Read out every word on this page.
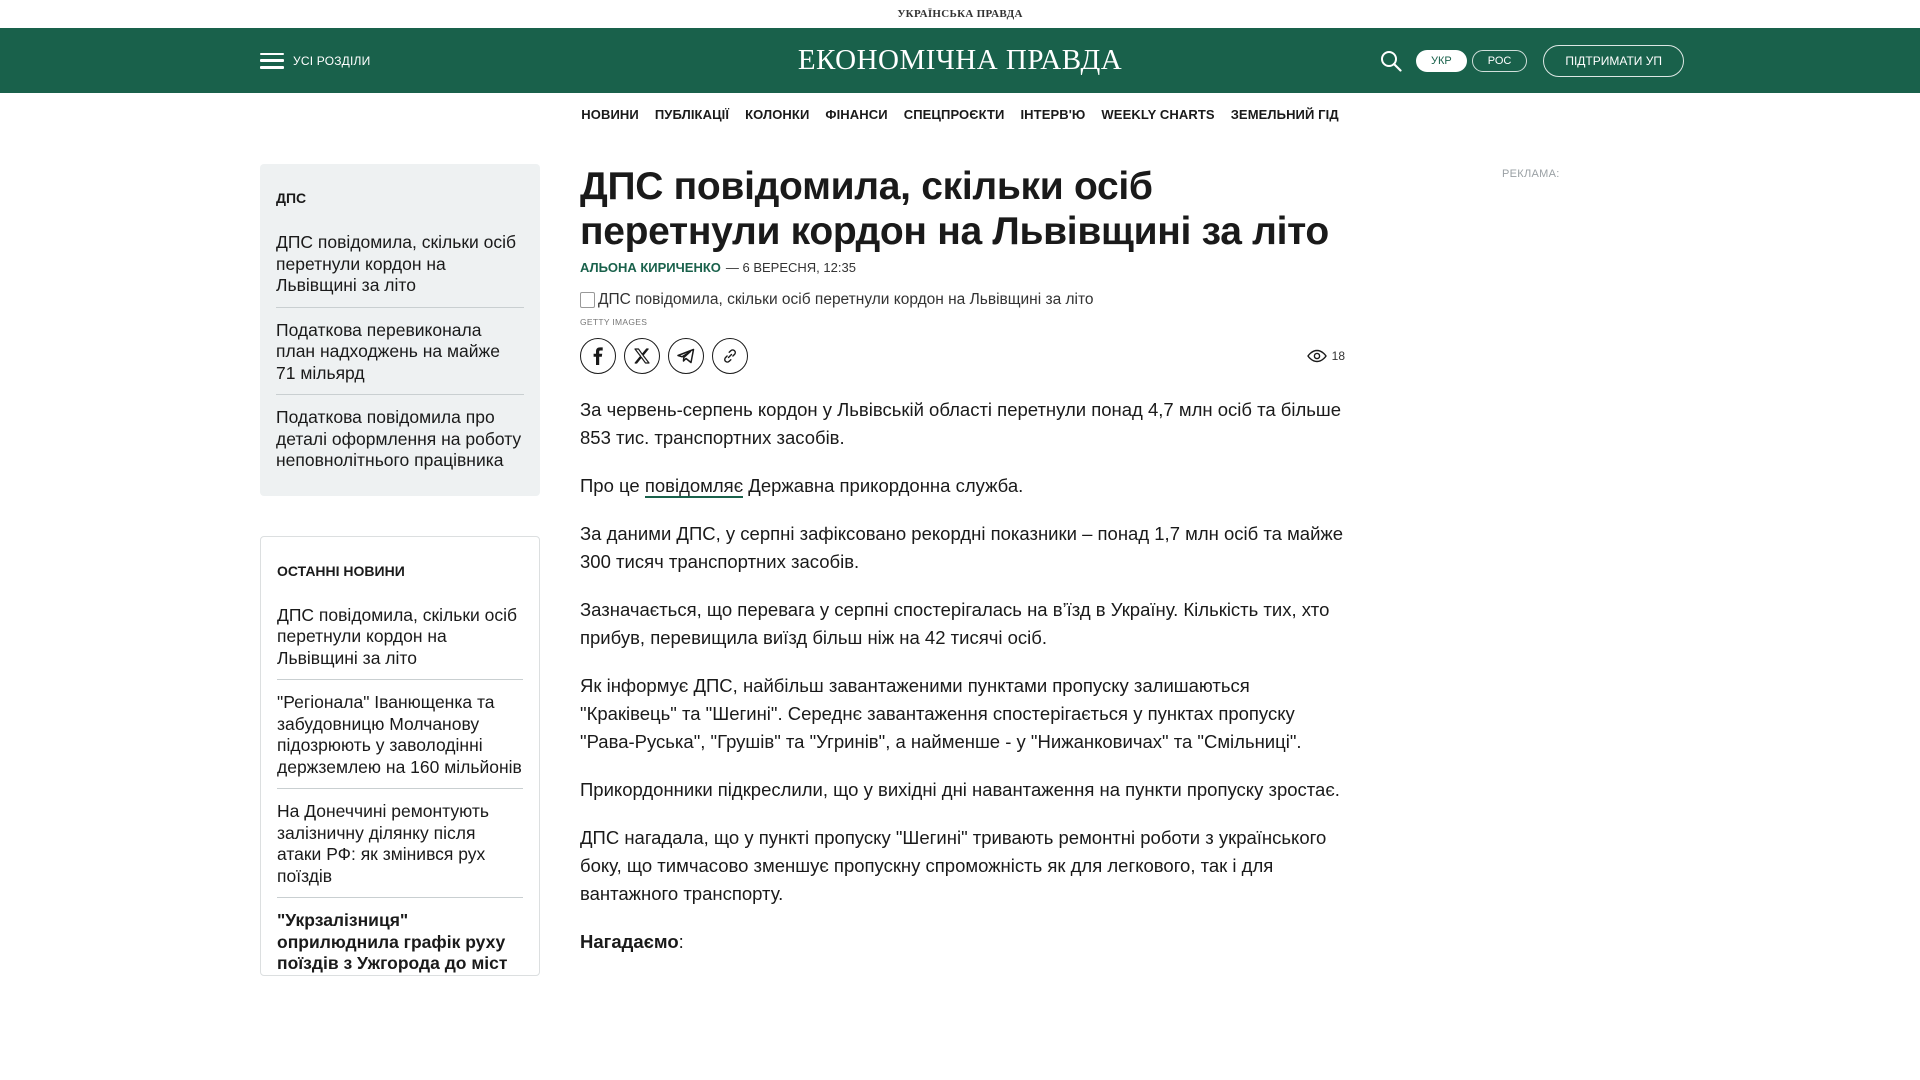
УКРАЇНСЬКА ПРАВДА
УСІ РОЗДІЛИ	ЕКОНОМІЧНА ПРАВДА	УКР	РОС	ПІДТРИМАТИ УП
НОВИНИ ПУБЛІКАЦІЇ КОЛОНКИ ФІНАНСИ СПЕЦПРОЄКТИ ІНТЕРВ'Ю WEEKLY CHARTS ЗЕМЕЛЬНИЙ ГІД
ДПС
ДПС повідомила, скільки осіб перетнули кордон на Львівщині за літо
Податкова перевиконала план надходжень на майже 71 мільярд
Податкова повідомила про деталі оформлення на роботу неповнолітнього працівника
ОСТАННІ НОВИНИ
ДПС повідомила, скільки осіб перетнули кордон на Львівщині за літо
"Регіонала" Іванющенка та забудовницю Молчанову підозрюють у заволодінні держземлею на 160 мільйонів
На Донеччині ремонтують залізничну ділянку після атаки РФ: як змінився рух поїздів
"Укрзалізниця" оприлюднила графік руху поїздів з Ужгорода до міст
ДПС повідомила, скільки осіб перетнули кордон на Львівщині за літо
АЛЬОНА КИРИЧЕНКО — 6 ВЕРЕСНЯ, 12:35
ДПС повідомила, скільки осіб перетнули кордон на Львівщині за літо
GETTY IMAGES
18

За червень-серпень кордон у Львівській області перетнули понад 4,7 млн осіб та більше 853 тис. транспортних засобів.

Про це повідомляє Державна прикордонна служба.

За даними ДПС, у серпні зафіксовано рекордні показники – понад 1,7 млн осіб та майже 300 тисяч транспортних засобів.

Зазначається, що перевага у серпні спостерігалась на в’їзд в Україну. Кількість тих, хто прибув, перевищила виїзд більш ніж на 42 тисячі осіб.

Як інформує ДПС, найбільш завантаженими пунктами пропуску залишаються "Краківець" та "Шегині". Середнє завантаження спостерігається у пунктах пропуску "Рава-Руська", "Грушів" та "Угринів", а найменше - у "Нижанковичах" та "Смільниці".

Прикордонники підкреслили, що у вихідні дні навантаження на пункти пропуску зростає.

ДПС нагадала, що у пункті пропуску "Шегині" тривають ремонтні роботи з українського боку, що тимчасово зменшує пропускну спроможність як для легкового, так і для вантажного транспорту.

Нагадаємо:

РЕКЛАМА:
